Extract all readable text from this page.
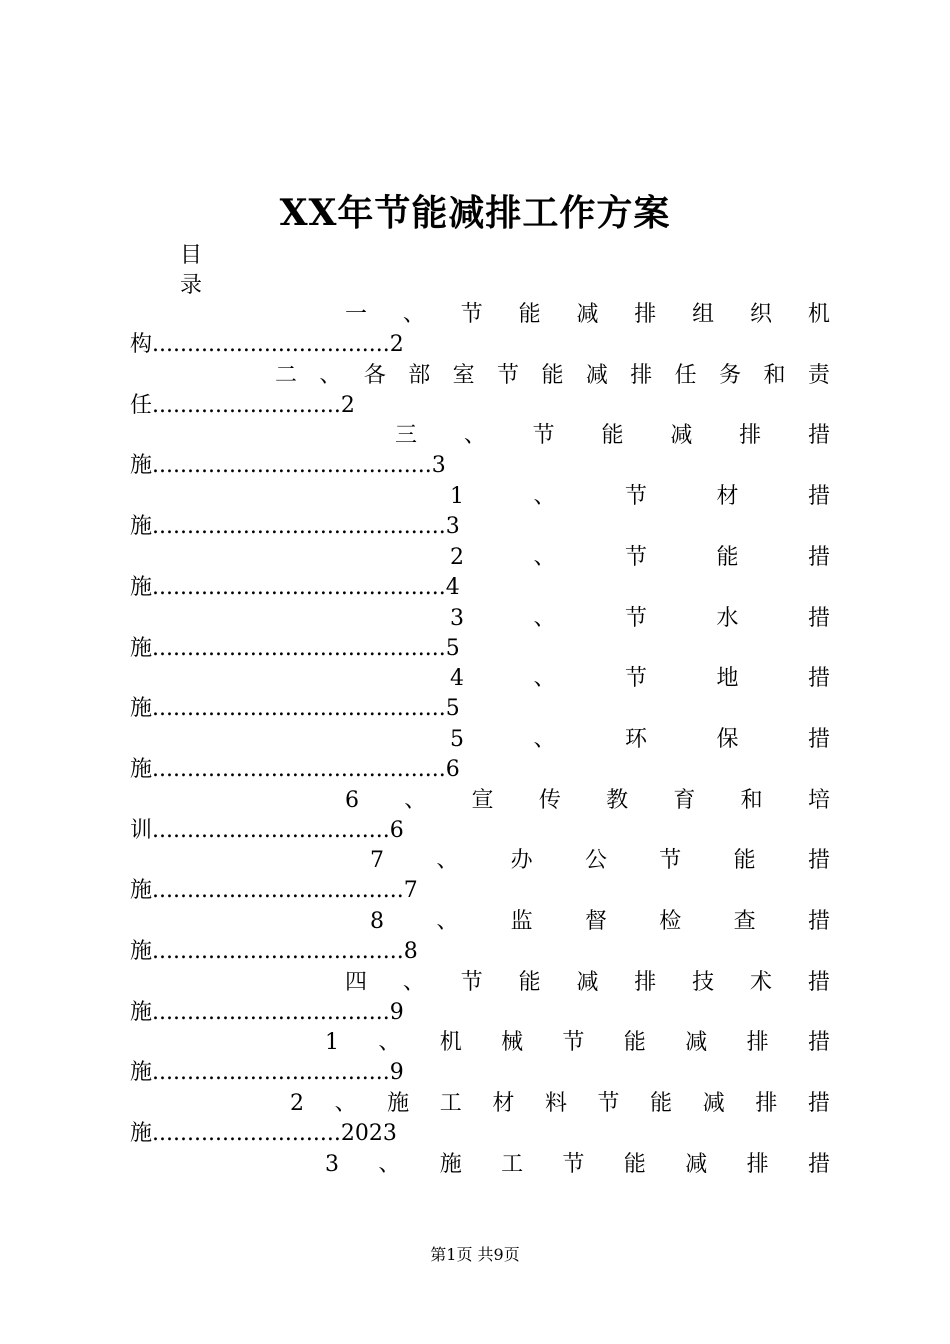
XX年节能减排工作方案
目
录
一 、 节 能 减 排 组 织 机
构..................................2
二 、 各 部 室 节 能 减 排 任 务 和 责
任...........................2
三 、 节 能 减 排 措
施........................................3
1	、	节	材	措
施..........................................3
2	、	节	能	措
施..........................................4
3	、	节	水	措
施..........................................5
4	、	节	地	措
施..........................................5
5	、	环	保	措
施..........................................6
6 、 宣 传 教 育 和 培
训..................................6
7 、 办 公 节 能 措
施....................................7
8 、 监 督 检 查 措
施....................................8
四 、 节 能 减 排 技 术 措
施..................................9
1 、 机 械 节 能 减 排 措
施..................................9
2 、 施 工 材 料 节 能 减 排 措
施...........................2023
3 、 施 工 节 能 减 排 措
第1页 共9页
